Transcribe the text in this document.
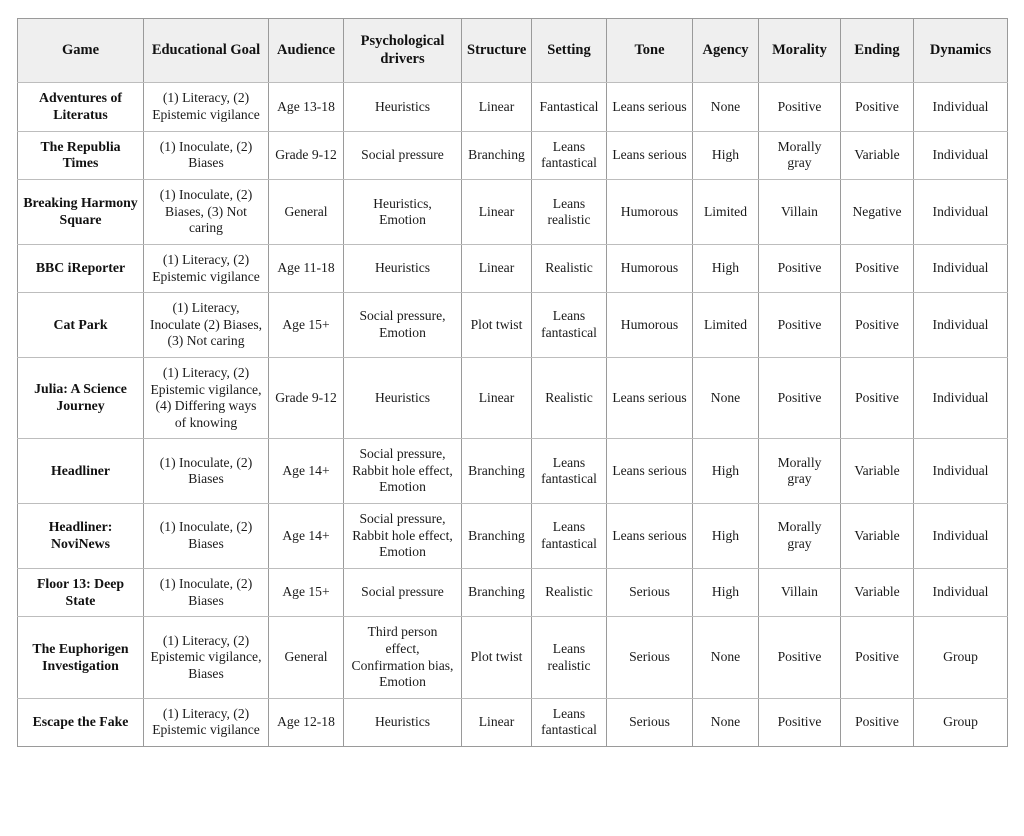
Game	Educational Goal	Audience	Psychological drivers	Structure	Setting	Tone	Agency	Morality	Ending	Dynamics
Adventures of Literatus	(1) Literacy, (2) Epistemic vigilance	Age 13-18	Heuristics	Linear	Fantastical	Leans serious	None	Positive	Positive	Individual
The Republia Times	(1) Inoculate, (2) Biases	Grade 9-12	Social pressure	Branching	Leans fantastical	Leans serious	High	Morally gray	Variable	Individual
Breaking Harmony Square	(1) Inoculate, (2) Biases, (3) Not caring	General	Heuristics, Emotion	Linear	Leans realistic	Humorous	Limited	Villain	Negative	Individual
BBC iReporter	(1) Literacy, (2) Epistemic vigilance	Age 11-18	Heuristics	Linear	Realistic	Humorous	High	Positive	Positive	Individual
Cat Park	(1) Literacy, Inoculate (2) Biases, (3) Not caring	Age 15+	Social pressure, Emotion	Plot twist	Leans fantastical	Humorous	Limited	Positive	Positive	Individual
Julia: A Science Journey	(1) Literacy, (2) Epistemic vigilance, (4) Differing ways of knowing	Grade 9-12	Heuristics	Linear	Realistic	Leans serious	None	Positive	Positive	Individual
Headliner	(1) Inoculate, (2) Biases	Age 14+	Social pressure, Rabbit hole effect, Emotion	Branching	Leans fantastical	Leans serious	High	Morally gray	Variable	Individual
Headliner: NoviNews	(1) Inoculate, (2) Biases	Age 14+	Social pressure, Rabbit hole effect, Emotion	Branching	Leans fantastical	Leans serious	High	Morally gray	Variable	Individual
Floor 13: Deep State	(1) Inoculate, (2) Biases	Age 15+	Social pressure	Branching	Realistic	Serious	High	Villain	Variable	Individual
The Euphorigen Investigation	(1) Literacy, (2) Epistemic vigilance, Biases	General	Third person effect, Confirmation bias, Emotion	Plot twist	Leans realistic	Serious	None	Positive	Positive	Group
Escape the Fake	(1) Literacy, (2) Epistemic vigilance	Age 12-18	Heuristics	Linear	Leans fantastical	Serious	None	Positive	Positive	Group
